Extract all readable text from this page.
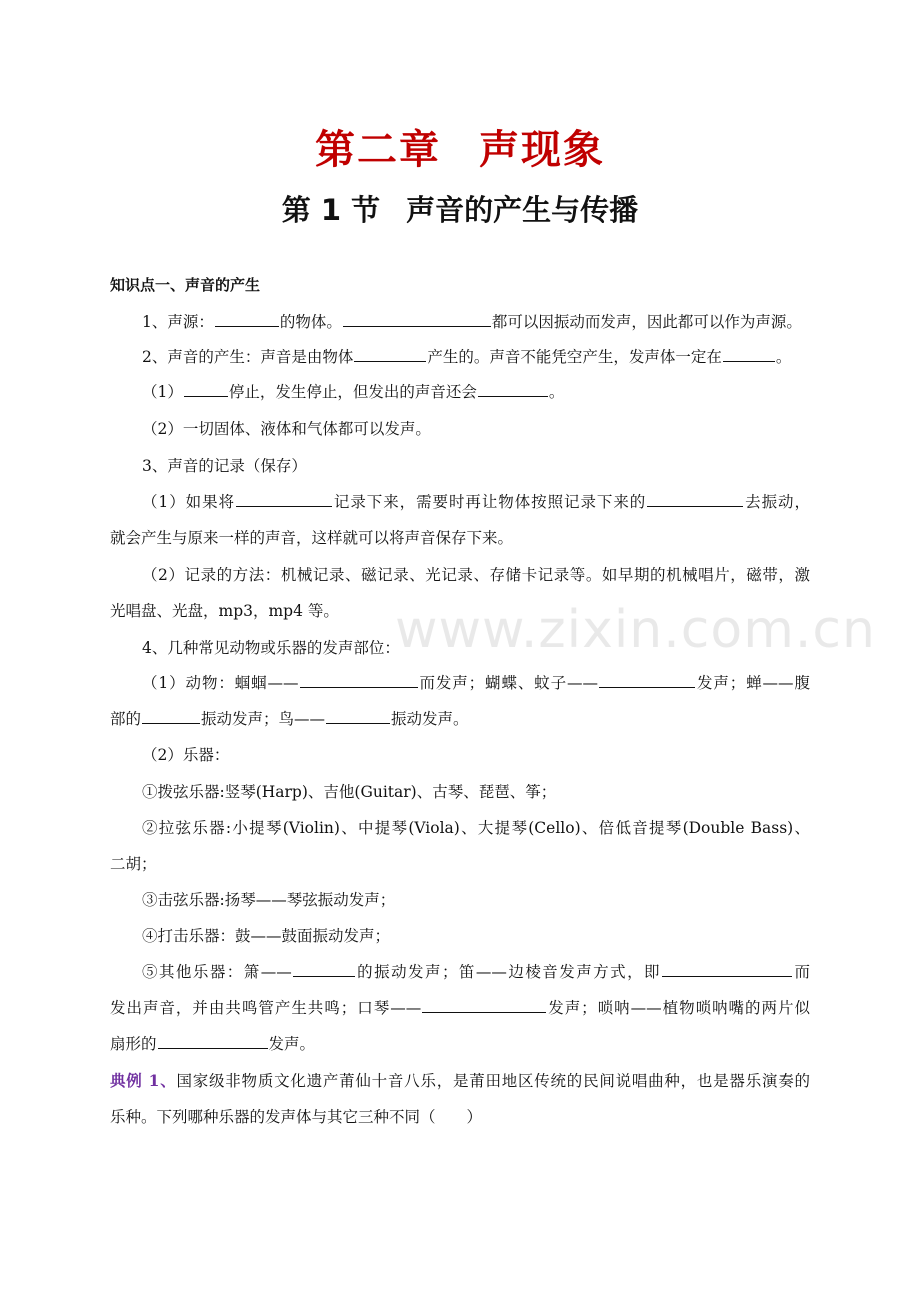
第二章 声现象
第 1 节 声音的产生与传播
知识点一、声音的产生
1、声源：	的物体。	都可以因振动而发声，因此都可以作为声源。
2、声音的产生：声音是由物体	产生的。声音不能凭空产生，发声体一定在	。
（1）	停止，发生停止，但发出的声音还会	。
（2）一切固体、液体和气体都可以发声。
3、声音的记录（保存）
（1）如果将	记录下来，需要时再让物体按照记录下来的	去振动，
就会产生与原来一样的声音，这样就可以将声音保存下来。
（2）记录的方法：机械记录、磁记录、光记录、存储卡记录等。如早期的机械唱片，磁带，激
光唱盘、光盘，mp3，mp4 等。
4、几种常见动物或乐器的发声部位：
（1）动物：蝈蝈——	而发声；蝴蝶、蚊子——	发声；蝉——腹
部的	振动发声；鸟——	振动发声。
（2）乐器：
①拨弦乐器:竖琴(Harp)、吉他(Guitar)、古琴、琵琶、筝；
②拉弦乐器:小提琴(Violin)、中提琴(Viola)、大提琴(Cello)、倍低音提琴(Double Bass)、
二胡；
③击弦乐器:扬琴——琴弦振动发声；
④打击乐器：鼓——鼓面振动发声；
⑤其他乐器：箫——	的振动发声；笛——边棱音发声方式，即	而
发出声音，并由共鸣管产生共鸣；口琴——	发声；唢呐——植物唢呐嘴的两片似
扇形的	发声。
典例 1、国家级非物质文化遗产莆仙十音八乐，是莆田地区传统的民间说唱曲种，也是器乐演奏的
乐种。下列哪种乐器的发声体与其它三种不同（　　）
www.zixin.com.cn
